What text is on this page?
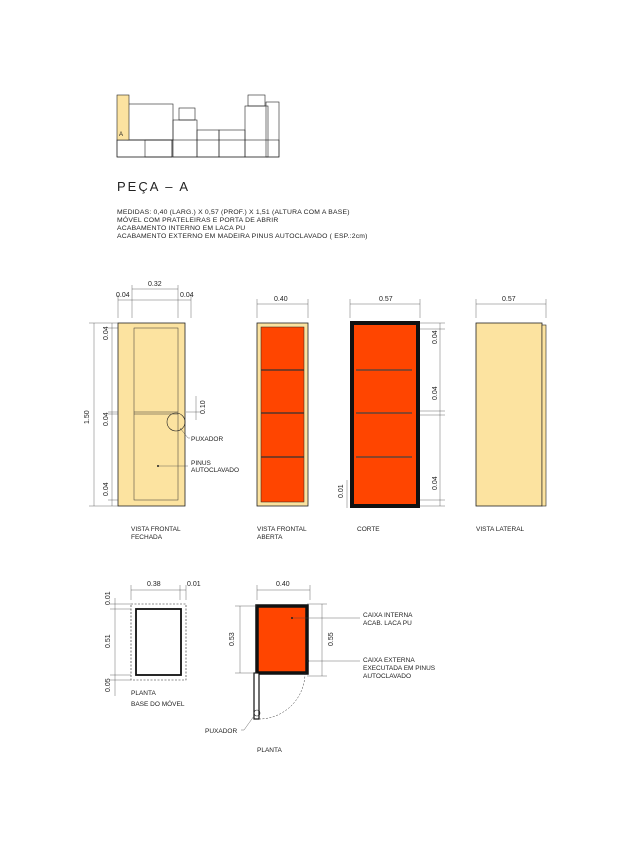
A
PEÇA – A
MEDIDAS: 0,40 (LARG.) X 0,57 (PROF.) X 1,51 (ALTURA COM A BASE)
MÓVEL COM PRATELEIRAS E PORTA DE ABRIR
ACABAMENTO INTERNO EM LACA PU
ACABAMENTO EXTERNO EM MADEIRA PINUS AUTOCLAVADO ( ESP.:2cm)
0.32
0.04	0.04
1.50
0.04
0.04
0.04
0.10
PUXADOR
PINUS
AUTOCLAVADO
VISTA FRONTAL
FECHADA
0.40
VISTA FRONTAL
ABERTA
0.57
0.04
0.04
0.04
0.01
CORTE
0.57
VISTA LATERAL
0.38	0.01
0.01
0.51
0.05
PLANTA
BASE DO MÓVEL
0.40
0.53	0.55
CAIXA INTERNA
ACAB. LACA PU
CAIXA EXTERNA
EXECUTADA EM PINUS
AUTOCLAVADO
PUXADOR
PLANTA
